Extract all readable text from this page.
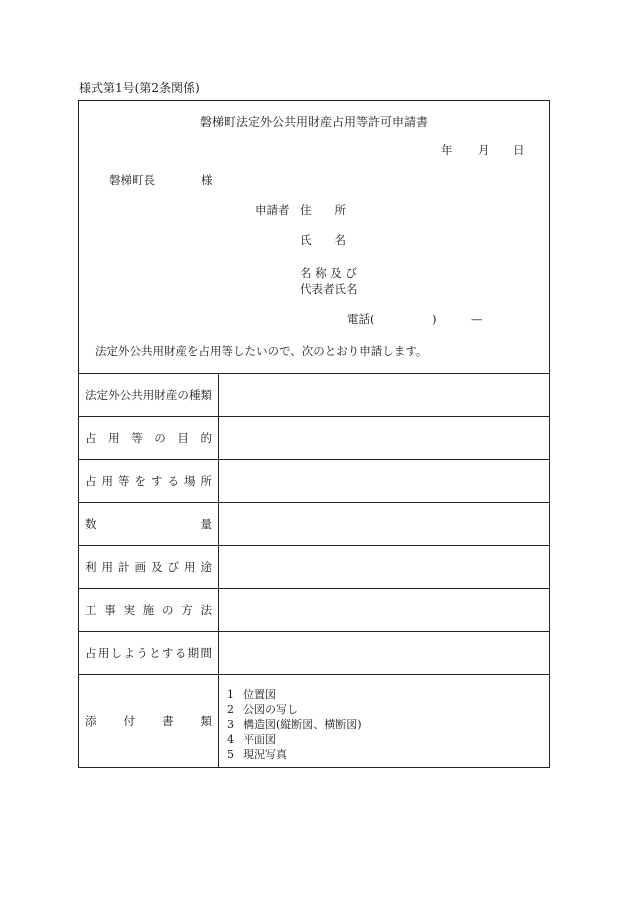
様式第1号(第2条関係)
磐梯町法定外公共用財産占用等許可申請書
年 月 日
磐梯町長	様
申請者 住　　所
氏　　名
名 称 及 び
代表者氏名
電話(　　　　　)　　　—
法定外公共用財産を占用等したいので、次のとおり申請します。
法定外公共用財産の種類
占用等の目的
占用等をする場所
数量
利用計画及び用途
工事実施の方法
占用しようとする期間
添付書類
1 位置図
2 公図の写し
3 構造図(縦断図、横断図)
4 平面図
5 現況写真
